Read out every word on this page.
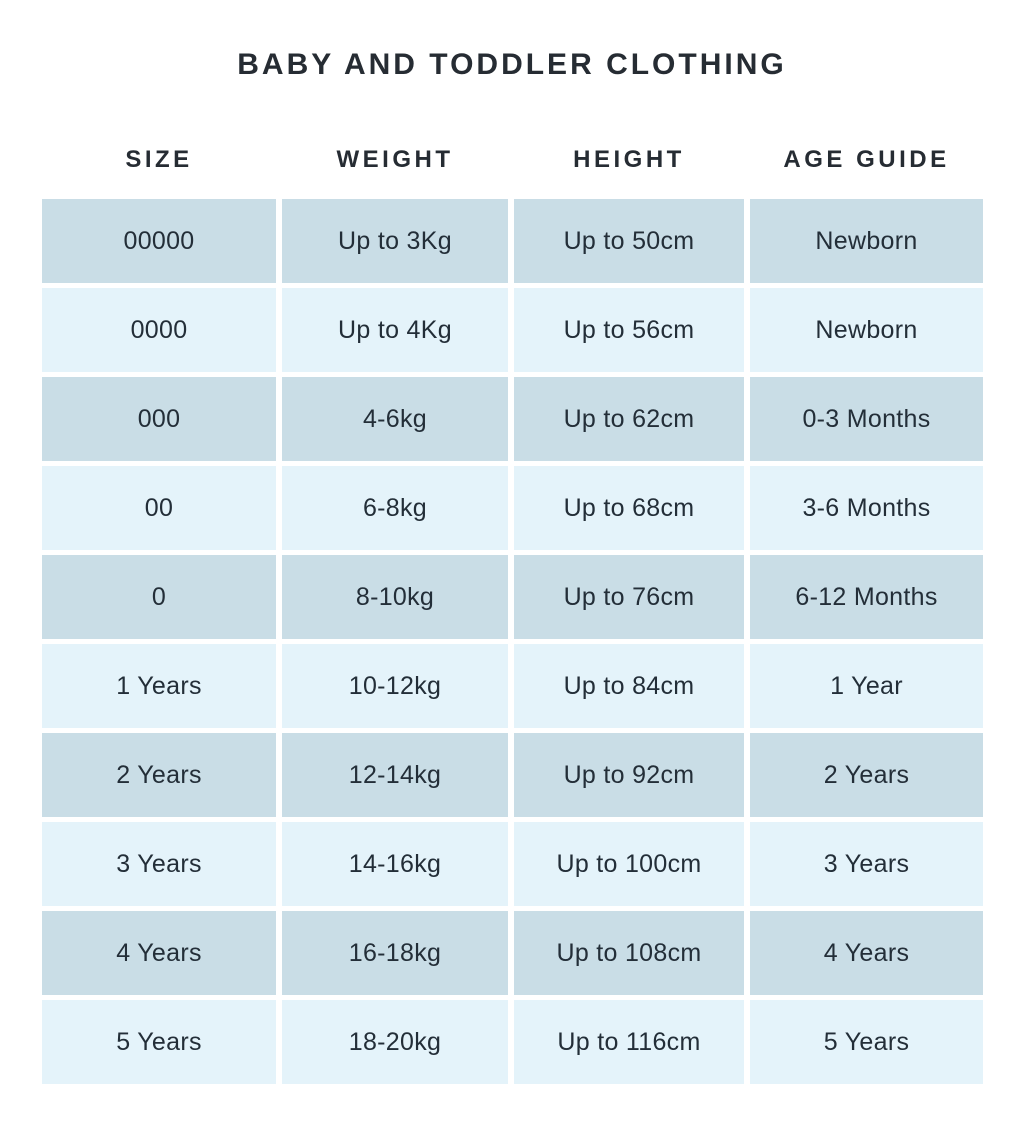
BABY AND TODDLER CLOTHING
SIZE	WEIGHT	HEIGHT	AGE GUIDE
00000	Up to 3Kg	Up to 50cm	Newborn
0000	Up to 4Kg	Up to 56cm	Newborn
000	4-6kg	Up to 62cm	0-3 Months
00	6-8kg	Up to 68cm	3-6 Months
0	8-10kg	Up to 76cm	6-12 Months
1 Years	10-12kg	Up to 84cm	1 Year
2 Years	12-14kg	Up to 92cm	2 Years
3 Years	14-16kg	Up to 100cm	3 Years
4 Years	16-18kg	Up to 108cm	4 Years
5 Years	18-20kg	Up to 116cm	5 Years
